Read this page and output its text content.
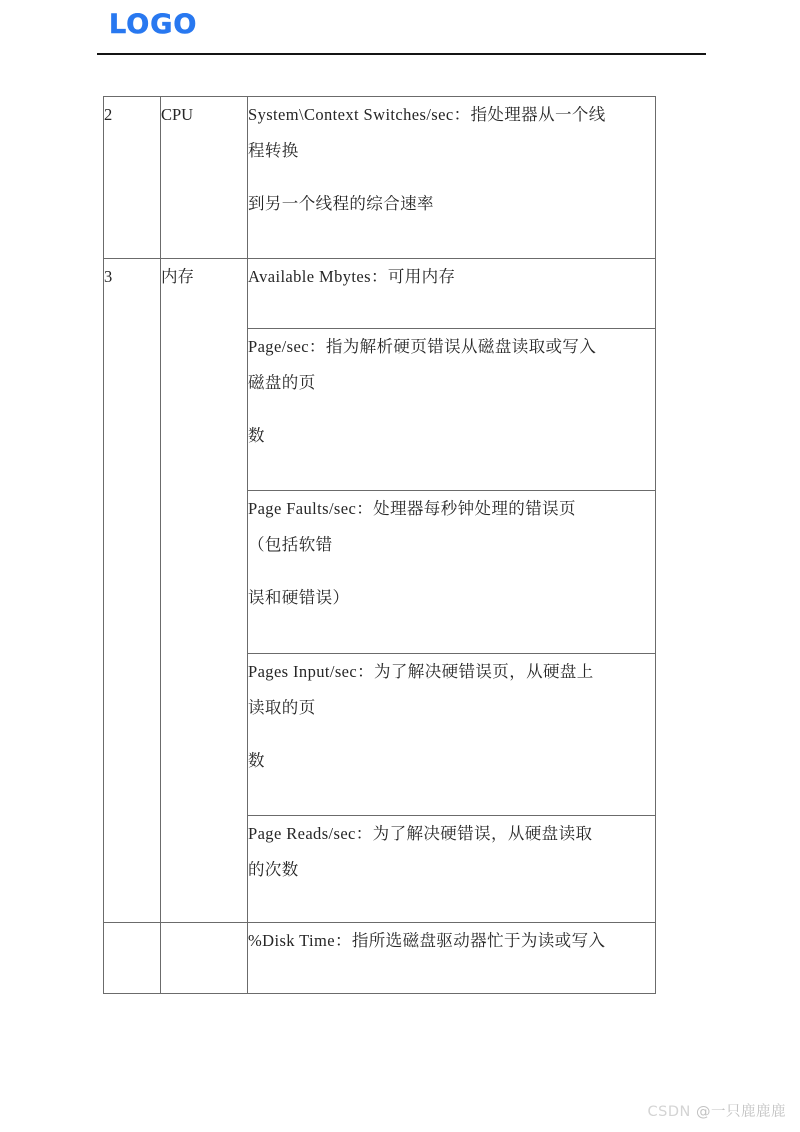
LOGO
2	CPU	System\Context Switches/sec：指处理器从一个线
程转换
到另一个线程的综合速率

3	内存	Available Mbytes：可用内存

		Page/sec：指为解析硬页错误从磁盘读取或写入
磁盘的页
数

		Page Faults/sec：处理器每秒钟处理的错误页
（包括软错
误和硬错误）

		Pages Input/sec：为了解决硬错误页，从硬盘上
读取的页
数

		Page Reads/sec：为了解决硬错误，从硬盘读取
的次数

		%Disk Time：指所选磁盘驱动器忙于为读或写入
CSDN @一只鹿鹿鹿
